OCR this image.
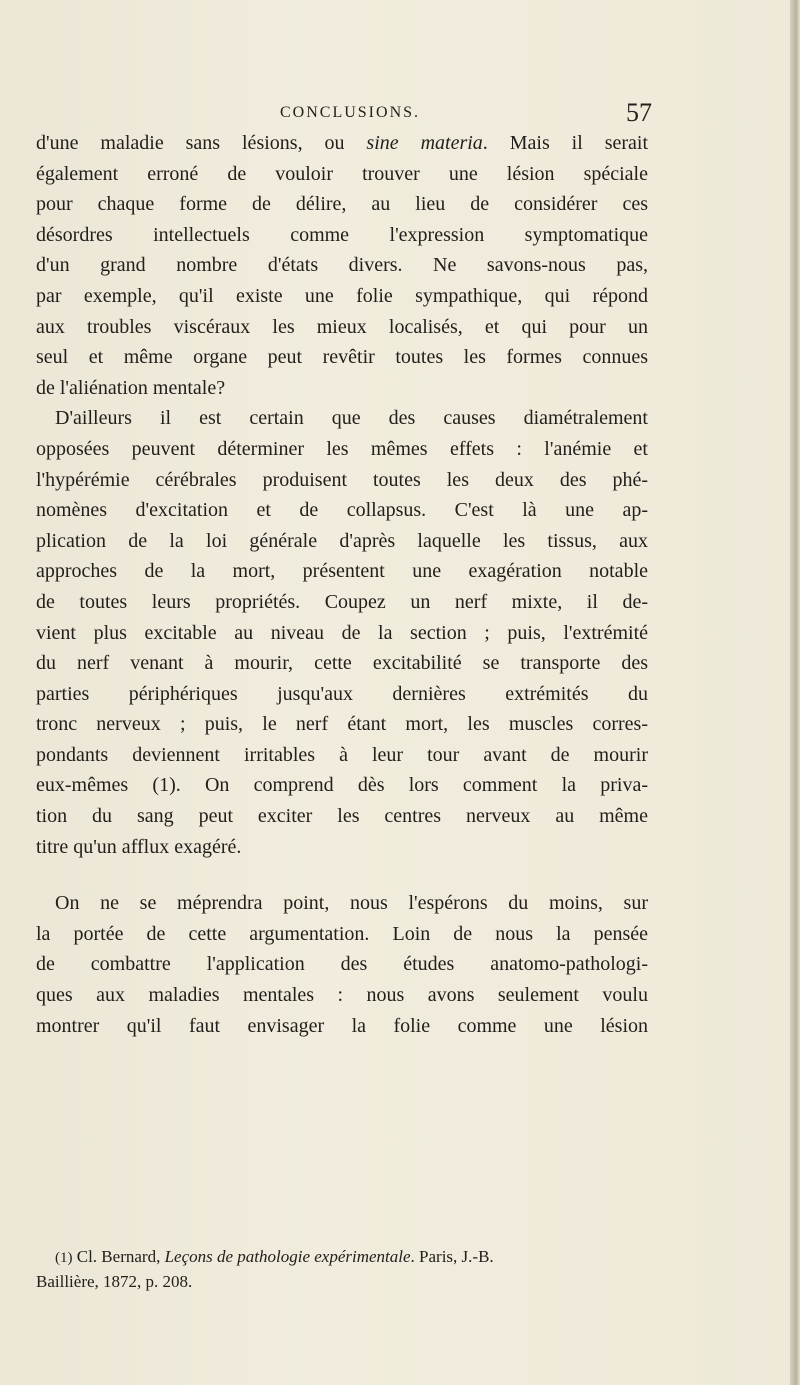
CONCLUSIONS.	57
d'une maladie sans lésions, ou sine materia. Mais il serait
également erroné de vouloir trouver une lésion spéciale
pour chaque forme de délire, au lieu de considérer ces
désordres intellectuels comme l'expression symptomatique
d'un grand nombre d'états divers. Ne savons-nous pas,
par exemple, qu'il existe une folie sympathique, qui répond
aux troubles viscéraux les mieux localisés, et qui pour un
seul et même organe peut revêtir toutes les formes connues
de l'aliénation mentale?
D'ailleurs il est certain que des causes diamétralement
opposées peuvent déterminer les mêmes effets : l'anémie et
l'hypérémie cérébrales produisent toutes les deux des phé-
nomènes d'excitation et de collapsus. C'est là une ap-
plication de la loi générale d'après laquelle les tissus, aux
approches de la mort, présentent une exagération notable
de toutes leurs propriétés. Coupez un nerf mixte, il de-
vient plus excitable au niveau de la section ; puis, l'extrémité
du nerf venant à mourir, cette excitabilité se transporte des
parties périphériques jusqu'aux dernières extrémités du
tronc nerveux ; puis, le nerf étant mort, les muscles corres-
pondants deviennent irritables à leur tour avant de mourir
eux-mêmes (1). On comprend dès lors comment la priva-
tion du sang peut exciter les centres nerveux au même
titre qu'un afflux exagéré.
On ne se méprendra point, nous l'espérons du moins, sur
la portée de cette argumentation. Loin de nous la pensée
de combattre l'application des études anatomo-pathologi-
ques aux maladies mentales : nous avons seulement voulu
montrer qu'il faut envisager la folie comme une lésion
(1) Cl. Bernard, Leçons de pathologie expérimentale. Paris, J.-B.
Baillière, 1872, p. 208.
